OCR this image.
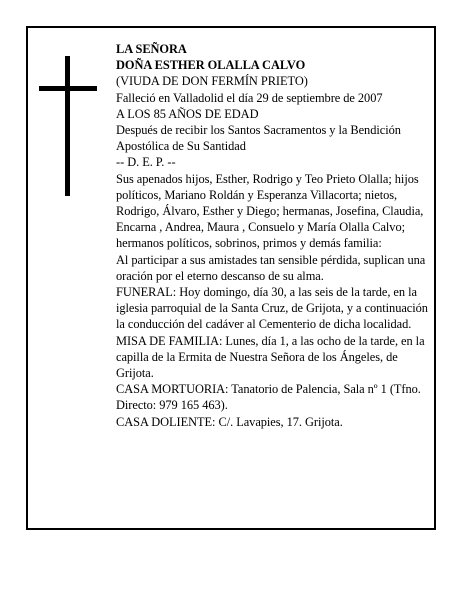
LA SEÑORA

DOÑA ESTHER OLALLA CALVO

(VIUDA DE DON FERMÍN PRIETO)

Falleció en Valladolid el día 29 de septiembre de 2007

A LOS 85 AÑOS DE EDAD

Después de recibir los Santos Sacramentos y la Bendición Apostólica de Su Santidad

-- D. E. P. --

Sus apenados hijos, Esther, Rodrigo y Teo Prieto Olalla; hijos políticos, Mariano Roldán y Esperanza Villacorta; nietos, Rodrigo, Álvaro, Esther y Diego; hermanas, Josefina, Claudia, Encarna , Andrea, Maura , Consuelo y María Olalla Calvo; hermanos políticos, sobrinos, primos y demás familia:

Al participar a sus amistades tan sensible pérdida, suplican una oración por el eterno descanso de su alma.

FUNERAL: Hoy domingo, día 30, a las seis de la tarde, en la iglesia parroquial de la Santa Cruz, de Grijota, y a continuación la conducción del cadáver al Cementerio de dicha localidad.

MISA DE FAMILIA: Lunes, día 1, a las ocho de la tarde, en la capilla de la Ermita de Nuestra Señora de los Ángeles, de Grijota.

CASA MORTUORIA: Tanatorio de Palencia, Sala nº 1 (Tfno. Directo: 979 165 463).

CASA DOLIENTE: C/. Lavapies, 17. Grijota.
